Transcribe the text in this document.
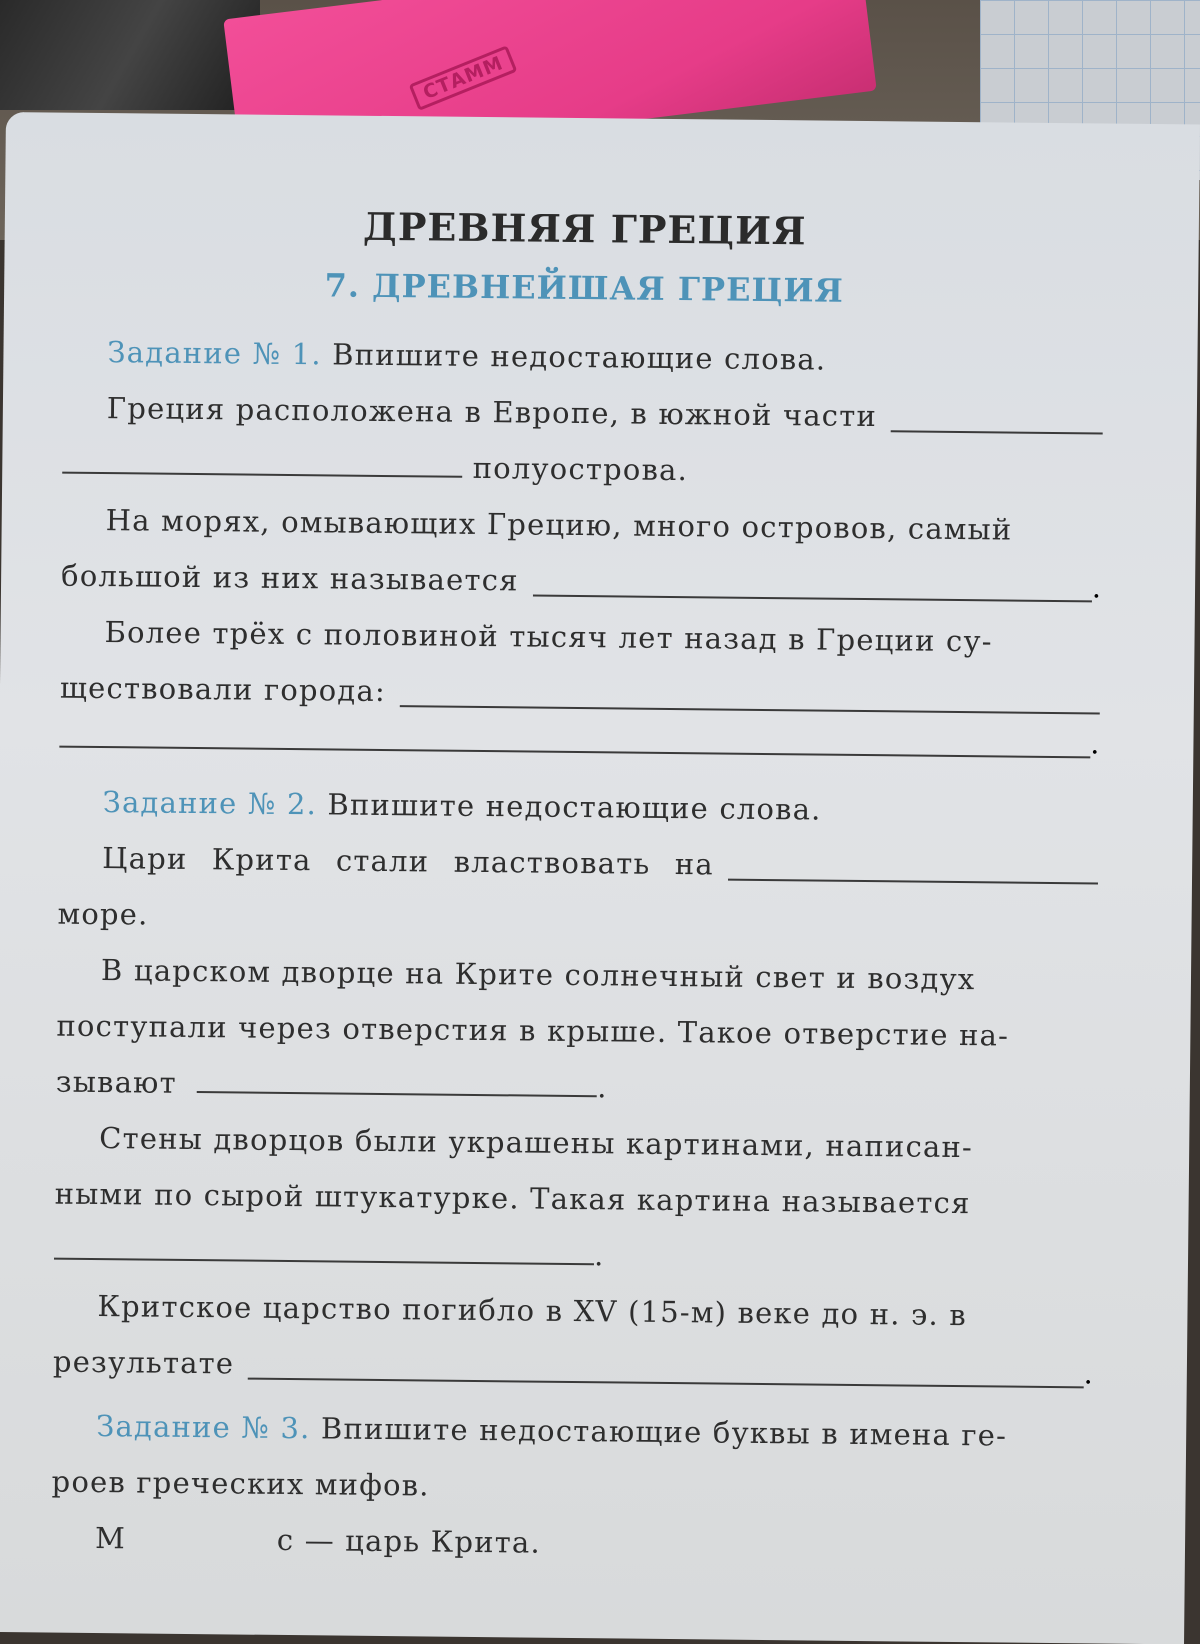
СТАММ
ДРЕВНЯЯ ГРЕЦИЯ
7. ДРЕВНЕЙШАЯ ГРЕЦИЯ

Задание № 1. Впишите недостающие слова.

Греция расположена в Европе, в южной части

полуострова.

На морях, омывающих Грецию, много островов, самый

большой из них называется	.

Более трёх с половиной тысяч лет назад в Греции су-

ществовали города:

.

Задание № 2. Впишите недостающие слова.

Цари Крита стали властвовать на

море.

В царском дворце на Крите солнечный свет и воздух

поступали через отверстия в крыше. Такое отверстие на-

зывают	.

Стены дворцов были украшены картинами, написан-

ными по сырой штукатурке. Такая картина называется

.

Критское царство погибло в XV (15-м) веке до н. э. в

результате	.

Задание № 3. Впишите недостающие буквы в имена ге-

роев греческих мифов.

М	с — царь Крита.
